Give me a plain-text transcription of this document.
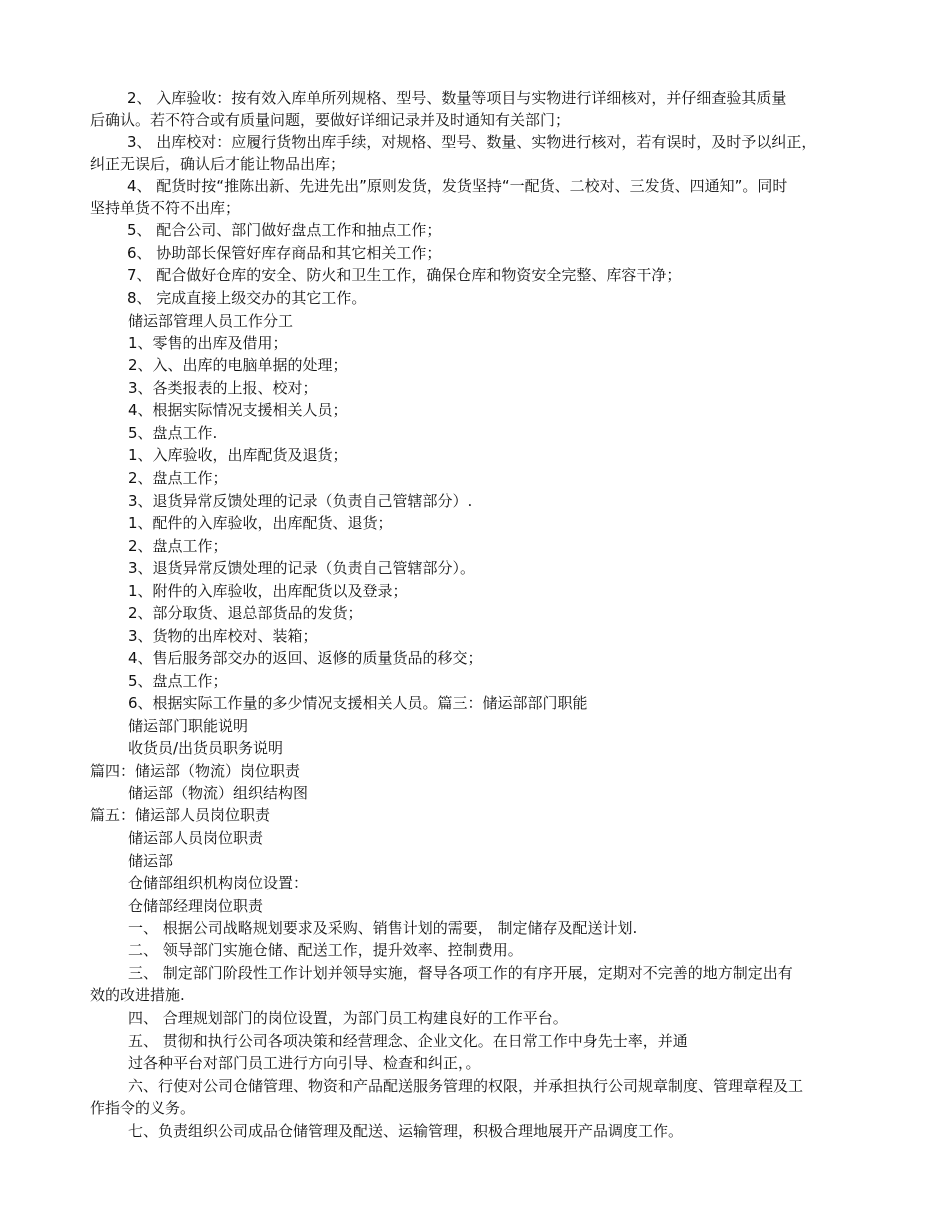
2、 入库验收：按有效入库单所列规格、型号、数量等项目与实物进行详细核对，并仔细查验其质量
后确认。若不符合或有质量问题，要做好详细记录并及时通知有关部门；
3、 出库校对：应履行货物出库手续，对规格、型号、数量、实物进行核对，若有误时，及时予以纠正，
纠正无误后，确认后才能让物品出库；
4、 配货时按“推陈出新、先进先出”原则发货，发货坚持“一配货、二校对、三发货、四通知”。同时
坚持单货不符不出库；
5、 配合公司、部门做好盘点工作和抽点工作；
6、 协助部长保管好库存商品和其它相关工作；
7、 配合做好仓库的安全、防火和卫生工作，确保仓库和物资安全完整、库容干净；
8、 完成直接上级交办的其它工作。
储运部管理人员工作分工
1、零售的出库及借用；
2、入、出库的电脑单据的处理；
3、各类报表的上报、校对；
4、根据实际情况支援相关人员；
5、盘点工作.
1、入库验收，出库配货及退货；
2、盘点工作；
3、退货异常反馈处理的记录（负责自己管辖部分）.
1、配件的入库验收，出库配货、退货；
2、盘点工作；
3、退货异常反馈处理的记录（负责自己管辖部分）。
1、附件的入库验收，出库配货以及登录；
2、部分取货、退总部货品的发货；
3、货物的出库校对、装箱；
4、售后服务部交办的返回、返修的质量货品的移交；
5、盘点工作；
6、根据实际工作量的多少情况支援相关人员。篇三：储运部部门职能
储运部门职能说明
收货员/出货员职务说明
篇四：储运部（物流）岗位职责
储运部（物流）组织结构图
篇五：储运部人员岗位职责
储运部人员岗位职责
储运部
仓储部组织机构岗位设置：
仓储部经理岗位职责
一、 根据公司战略规划要求及采购、销售计划的需要， 制定储存及配送计划.
二、 领导部门实施仓储、配送工作，提升效率、控制费用。
三、 制定部门阶段性工作计划并领导实施，督导各项工作的有序开展，定期对不完善的地方制定出有
效的改进措施.
四、 合理规划部门的岗位设置，为部门员工构建良好的工作平台。
五、 贯彻和执行公司各项决策和经营理念、企业文化。在日常工作中身先士率，并通
过各种平台对部门员工进行方向引导、检查和纠正，。
六、行使对公司仓储管理、物资和产品配送服务管理的权限，并承担执行公司规章制度、管理章程及工
作指令的义务。
七、负责组织公司成品仓储管理及配送、运输管理，积极合理地展开产品调度工作。
